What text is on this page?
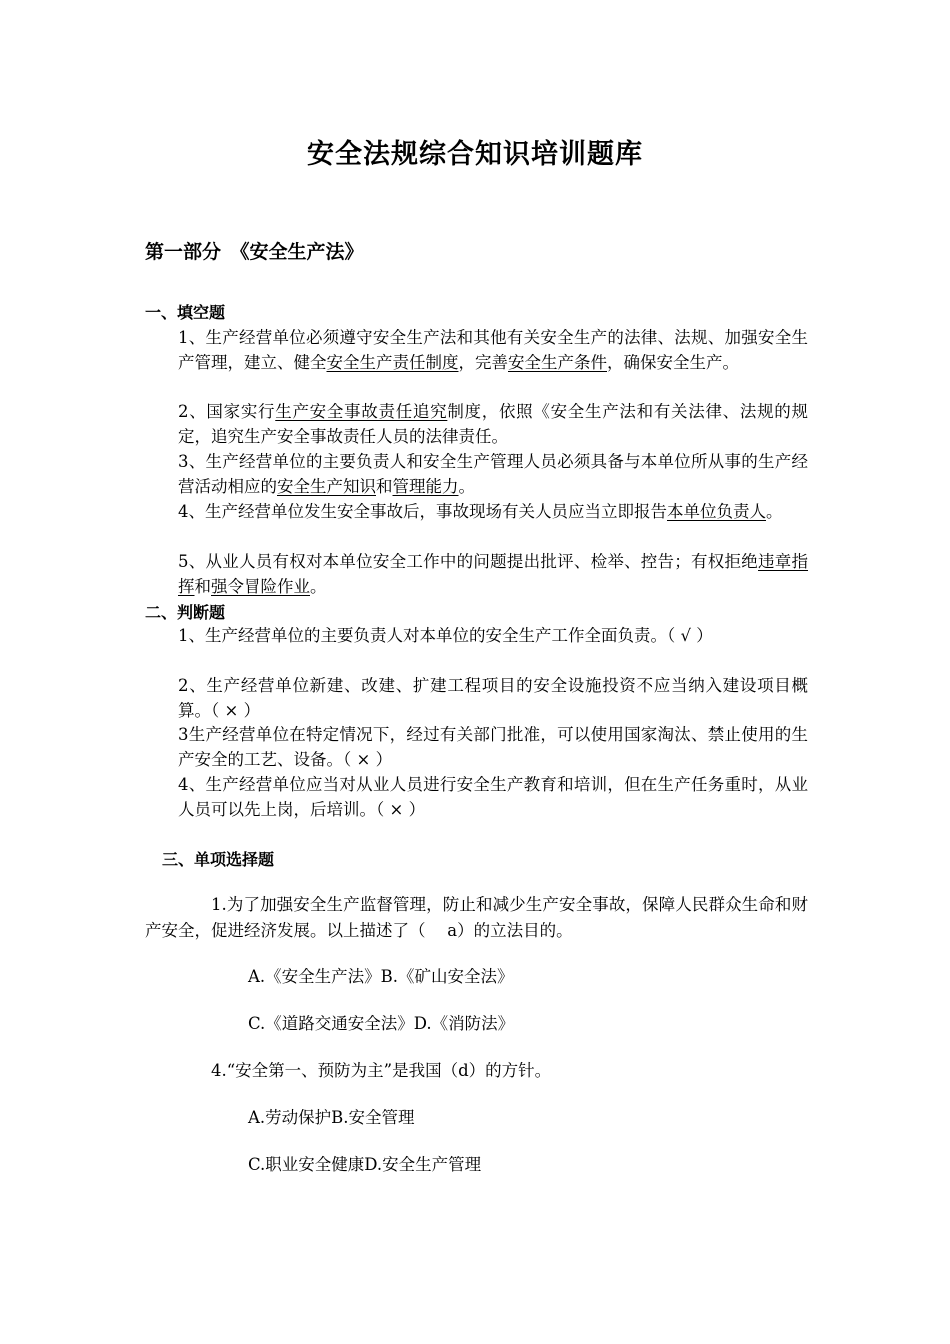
安全法规综合知识培训题库
第一部分　《安全生产法》
一、填空题
1、生产经营单位必须遵守安全生产法和其他有关安全生产的法律、法规、加强安全生产管理，建立、健全安全生产责任制度，完善安全生产条件，确保安全生产。
2、国家实行生产安全事故责任追究制度，依照《安全生产法和有关法律、法规的规定，追究生产安全事故责任人员的法律责任。
3、生产经营单位的主要负责人和安全生产管理人员必须具备与本单位所从事的生产经营活动相应的安全生产知识和管理能力。
4、生产经营单位发生安全事故后，事故现场有关人员应当立即报告本单位负责人。
5、从业人员有权对本单位安全工作中的问题提出批评、检举、控告；有权拒绝违章指挥和强令冒险作业。
二、判断题
1、生产经营单位的主要负责人对本单位的安全生产工作全面负责。（ √ ）
2、生产经营单位新建、改建、扩建工程项目的安全设施投资不应当纳入建设项目概算。（ × ）
3生产经营单位在特定情况下，经过有关部门批准，可以使用国家淘汰、禁止使用的生产安全的工艺、设备。（ × ）
4、生产经营单位应当对从业人员进行安全生产教育和培训，但在生产任务重时，从业人员可以先上岗，后培训。（ × ）
三、单项选择题
1.为了加强安全生产监督管理，防止和减少生产安全事故，保障人民群众生命和财产安全，促进经济发展。以上描述了（　 a）的立法目的。
A.《安全生产法》B.《矿山安全法》
C.《道路交通安全法》D.《消防法》
4.“安全第一、预防为主”是我国（d）的方针。
A.劳动保护B.安全管理
C.职业安全健康D.安全生产管理
